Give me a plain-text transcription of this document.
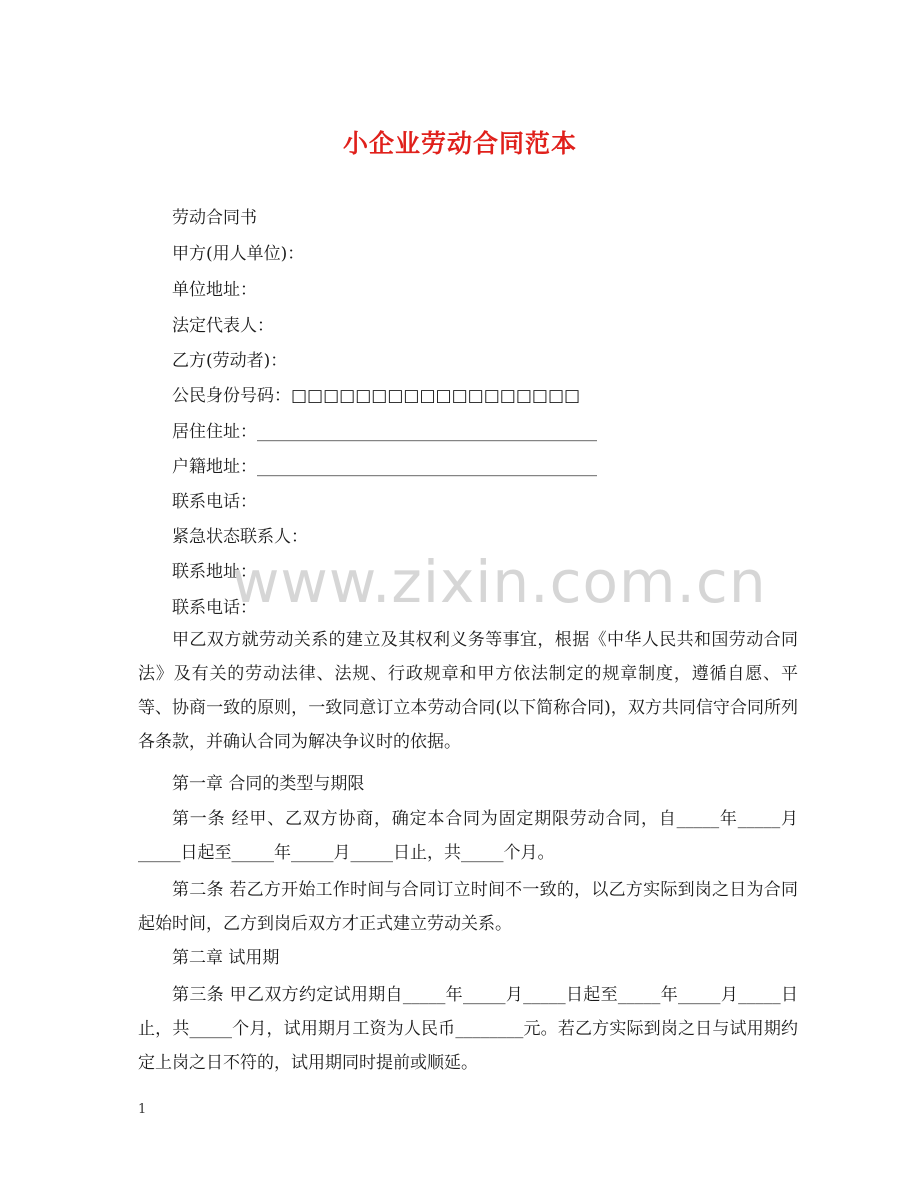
小企业劳动合同范本
劳动合同书
甲方(用人单位)：
单位地址：
法定代表人：
乙方(劳动者)：
公民身份号码：□□□□□□□□□□□□□□□□□□
居住住址：________________________________________
户籍地址：________________________________________
联系电话：
紧急状态联系人：
联系地址：
联系电话：
甲乙双方就劳动关系的建立及其权利义务等事宜，根据《中华人民共和国劳动合同法》及有关的劳动法律、法规、行政规章和甲方依法制定的规章制度，遵循自愿、平等、协商一致的原则，一致同意订立本劳动合同(以下简称合同)，双方共同信守合同所列各条款，并确认合同为解决争议时的依据。
第一章 合同的类型与期限
第一条 经甲、乙双方协商，确定本合同为固定期限劳动合同，自_____年_____月_____日起至_____年_____月_____日止，共_____个月。
第二条 若乙方开始工作时间与合同订立时间不一致的，以乙方实际到岗之日为合同起始时间，乙方到岗后双方才正式建立劳动关系。
第二章 试用期
第三条 甲乙双方约定试用期自_____年_____月_____日起至_____年_____月_____日止，共_____个月，试用期月工资为人民币________元。若乙方实际到岗之日与试用期约定上岗之日不符的，试用期同时提前或顺延。
www.zixin.com.cn
1
